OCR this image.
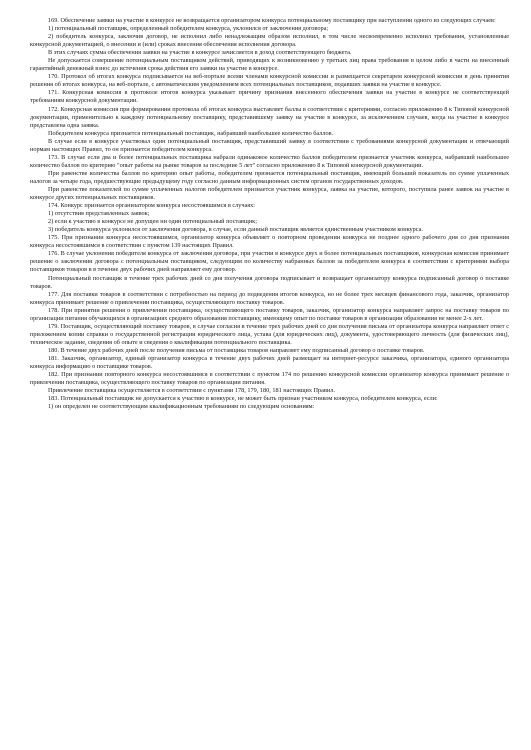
169. Обеспечение заявки на участие в конкурсе не возвращается организатором конкурса потенциальному поставщику при наступлении одного из следующих случаев:

1) потенциальный поставщик, определенный победителем конкурса, уклонился от заключения договора;

2) победитель конкурса, заключив договор, не исполнил либо ненадлежащим образом исполнил, в том числе несвоевременно исполнил требования, установленные конкурсной документацией, о внесении и (или) сроках внесения обеспечения исполнения договора.

В этих случаях сумма обеспечения заявки на участие в конкурсе зачисляется в доход соответствующего бюджета.

Не допускается совершение потенциальным поставщиком действий, приводящих к возникновению у третьих лиц права требования в целом либо в части на внесенный гарантийный денежный взнос до истечения срока действия его заявки на участие в конкурсе.

170. Протокол об итогах конкурса подписывается на веб-портале всеми членами конкурсной комиссии и размещается секретарем конкурсной комиссии в день принятия решения об итогах конкурса, на веб-портале, с автоматическим уведомлением всех потенциальных поставщиков, подавших заявки на участие в конкурсе.

171. Конкурсная комиссия в протоколе итогов конкурса указывает причину признания внесенного обеспечения заявки на участие в конкурсе не соответствующей требованиям конкурсной документации.

172. Конкурсная комиссия при формировании протокола об итогах конкурса выставляет баллы в соответствии с критериями, согласно приложению 8 к Типовой конкурсной документации, применительно к каждому потенциальному поставщику, представившему заявку на участие в конкурсе, за исключением случаев, когда на участие в конкурсе представлена одна заявка.

Победителем конкурса признается потенциальный поставщик, набравший наибольшее количество баллов.

В случае если в конкурсе участвовал один потенциальный поставщик, представивший заявку в соответствии с требованиями конкурсной документации и отвечающий нормам настоящих Правил, то он признается победителем конкурса.

173. В случае если два и более потенциальных поставщика набрали одинаковое количество баллов победителем признается участник конкурса, набравший наибольшее количество баллов по критерию "опыт работы на рынке товаров за последние 5 лет" согласно приложению 8 к Типовой конкурсной документации.

При равенстве количества баллов по критерию опыт работы, победителем признается потенциальный поставщик, имеющий больший показатель по сумме уплаченных налогов за четыре года, предшествующие предыдущему году согласно данным информационных систем органов государственных доходов.

При равенстве показателей по сумме уплаченных налогов победителем признается участник конкурса, заявка на участие, которого, поступила ранее заявок на участие в конкурсе других потенциальных поставщиков.

174. Конкурс признается организатором конкурса несостоявшимся в случаях:

1) отсутствия представленных заявок;

2) если к участию в конкурсе не допущен ни один потенциальный поставщик;

3) победитель конкурса уклонился от заключения договора, в случае, если данный поставщик является единственным участником конкурса.

175. При признании конкурса несостоявшимся, организатор конкурса объявляет о повторном проведении конкурса не позднее одного рабочего дня со дня признания конкурса несостоявшимся в соответствии с пунктом 139 настоящих Правил.

176. В случае уклонения победителя конкурса от заключения договора, при участии в конкурсе двух и более потенциальных поставщиков, конкурсная комиссия принимает решение о заключении договора с потенциальным поставщиком, следующим по количеству набранных баллов за победителем конкурса в соответствии с критериями выбора поставщиков товаров в в течение двух рабочих дней направляет ему договор.

Потенциальный поставщик в течение трех рабочих дней со дня получения договора подписывает и возвращает организатору конкурса подписанный договор о поставке товаров.

177. Для поставки товаров в соответствии с потребностью на период до подведения итогов конкурса, но не более трех месяцев финансового года, заказчик, организатор конкурса принимает решение о привлечении поставщика, осуществляющего поставку товаров.

178. При принятии решения о привлечении поставщика, осуществляющего поставку товаров, заказчик, организатор конкурса направляет запрос на поставку товаров по организации питания обучающихся в организациях среднего образования поставщику, имеющему опыт по поставке товаров в организации образования не менее 2-х лет.

179. Поставщик, осуществляющий поставку товаров, в случае согласия в течение трех рабочих дней со дня получения письма от организатора конкурса направляет ответ с приложением копии справки о государственной регистрации юридического лица, устава (для юридических лиц), документа, удостоверяющего личность (для физических лиц), техническое задание, сведения об опыте и сведения о квалификации потенциального поставщика.

180. В течение двух рабочих дней после получения письма от поставщика товаров направляет ему подписанный договор о поставке товаров.

181. Заказчик, организатор, единый организатор конкурса в течение двух рабочих дней размещает на интернет-ресурсе заказчика, организатора, единого организатора конкурса информацию о поставщике товаров.

182. При признании повторного конкурса несостоявшимся в соответствии с пунктом 174 по решению конкурсной комиссии организатор конкурса принимает решение о привлечении поставщика, осуществляющего поставку товаров по организации питания.

Привлечение поставщика осуществляется в соответствии с пунктами 178, 179, 180, 181 настоящих Правил.

183. Потенциальный поставщик не допускается к участию в конкурсе, не может быть признан участником конкурса, победителем конкурса, если:

1) он определен не соответствующим квалификационным требованиям по следующим основаниям:
